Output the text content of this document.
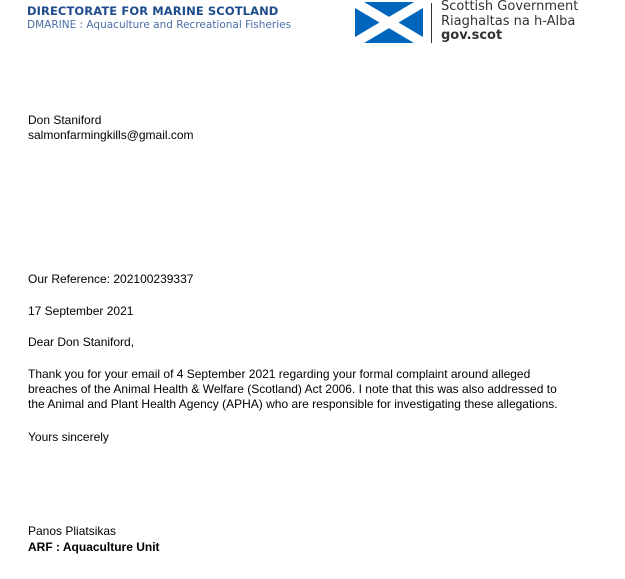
DIRECTORATE FOR MARINE SCOTLAND
DMARINE : Aquaculture and Recreational Fisheries
Scottish Government
Riaghaltas na h-Alba
gov.scot
Don Staniford
salmonfarmingkills@gmail.com
Our Reference: 202100239337
17 September 2021
Dear Don Staniford,
Thank you for your email of 4 September 2021 regarding your formal complaint around alleged
breaches of the Animal Health & Welfare (Scotland) Act 2006. I note that this was also addressed to
the Animal and Plant Health Agency (APHA) who are responsible for investigating these allegations.
Yours sincerely
Panos Pliatsikas
ARF : Aquaculture Unit
